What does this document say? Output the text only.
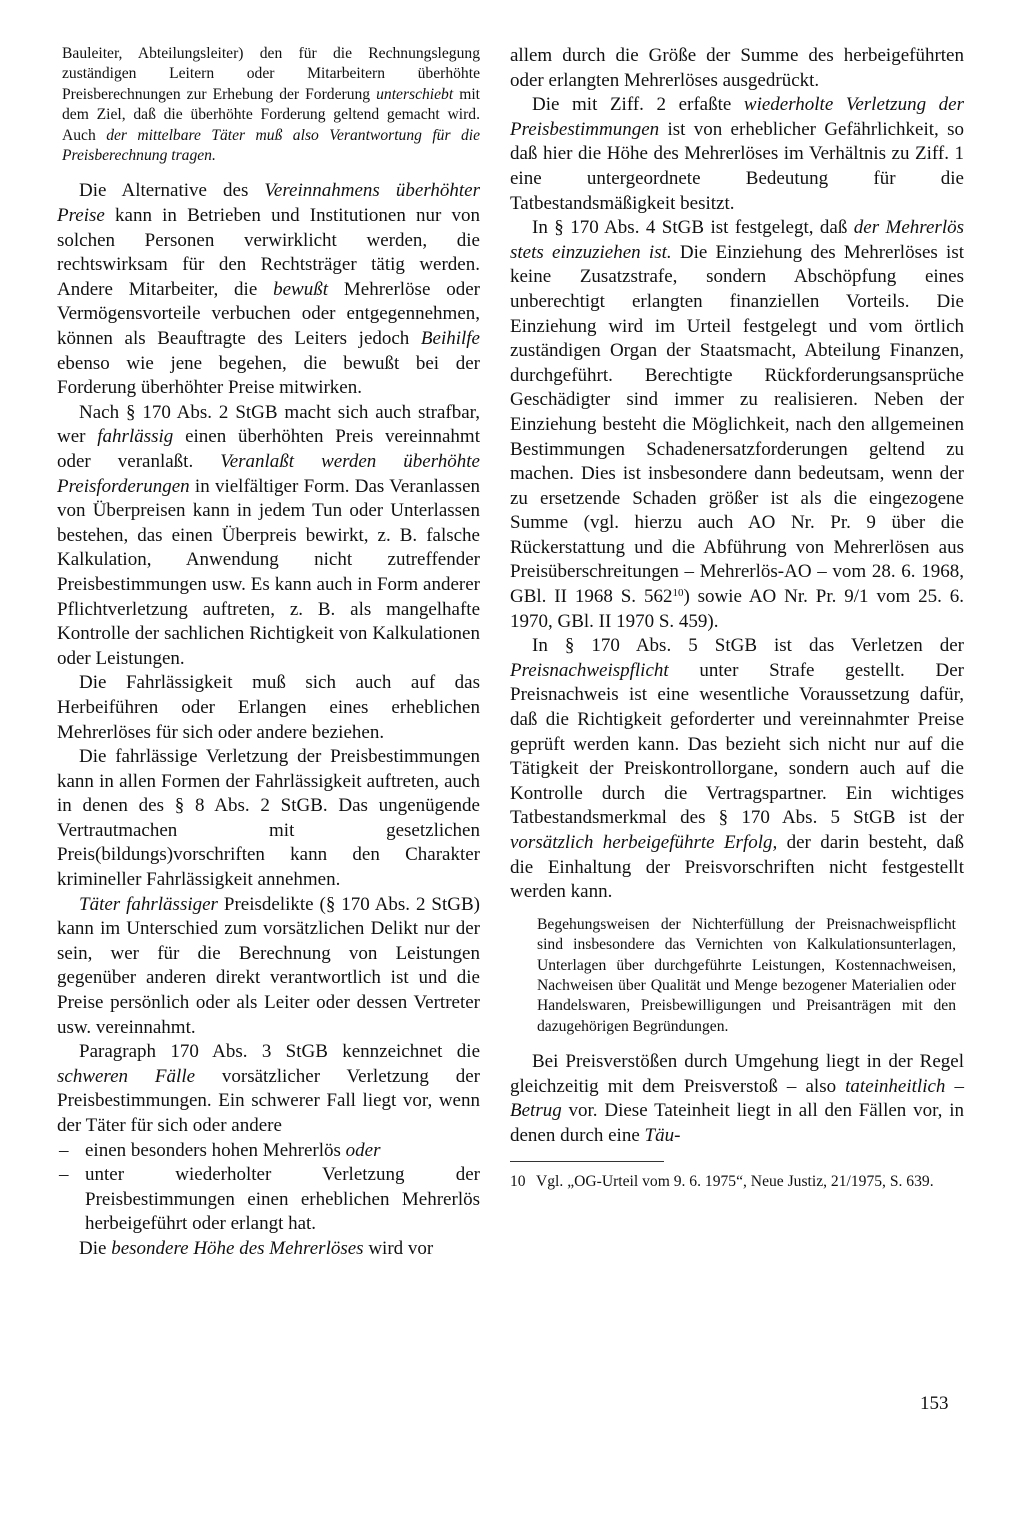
Bauleiter, Abteilungsleiter) den für die Rechnungslegung zuständigen Leitern oder Mitarbeitern überhöhte Preisberechnungen zur Erhebung der Forderung unterschiebt mit dem Ziel, daß die überhöhte Forderung geltend gemacht wird. Auch der mittelbare Täter muß also Verantwortung für die Preisberechnung tragen.

Die Alternative des Vereinnahmens überhöhter Preise kann in Betrieben und Institutionen nur von solchen Personen verwirklicht werden, die rechtswirksam für den Rechtsträger tätig werden. Andere Mitarbeiter, die bewußt Mehrerlöse oder Vermögensvorteile verbuchen oder entgegennehmen, können als Beauftragte des Leiters jedoch Beihilfe ebenso wie jene begehen, die bewußt bei der Forderung überhöhter Preise mitwirken.

Nach § 170 Abs. 2 StGB macht sich auch strafbar, wer fahrlässig einen überhöhten Preis vereinnahmt oder veranlaßt. Veranlaßt werden überhöhte Preisforderungen in vielfältiger Form. Das Veranlassen von Überpreisen kann in jedem Tun oder Unterlassen bestehen, das einen Überpreis bewirkt, z. B. falsche Kalkulation, Anwendung nicht zutreffender Preisbestimmungen usw. Es kann auch in Form anderer Pflichtverletzung auftreten, z. B. als mangelhafte Kontrolle der sachlichen Richtigkeit von Kalkulationen oder Leistungen.

Die Fahrlässigkeit muß sich auch auf das Herbeiführen oder Erlangen eines erheblichen Mehrerlöses für sich oder andere beziehen.

Die fahrlässige Verletzung der Preisbestimmungen kann in allen Formen der Fahrlässigkeit auftreten, auch in denen des § 8 Abs. 2 StGB. Das ungenügende Vertrautmachen mit gesetzlichen Preis(bildungs)vorschriften kann den Charakter krimineller Fahrlässigkeit annehmen.

Täter fahrlässiger Preisdelikte (§ 170 Abs. 2 StGB) kann im Unterschied zum vorsätzlichen Delikt nur der sein, wer für die Berechnung von Leistungen gegenüber anderen direkt verantwortlich ist und die Preise persönlich oder als Leiter oder dessen Vertreter usw. vereinnahmt.

Paragraph 170 Abs. 3 StGB kennzeichnet die schweren Fälle vorsätzlicher Verletzung der Preisbestimmungen. Ein schwerer Fall liegt vor, wenn der Täter für sich oder andere

– einen besonders hohen Mehrerlös oder
– unter wiederholter Verletzung der Preisbestimmungen einen erheblichen Mehrerlös herbeigeführt oder erlangt hat.

Die besondere Höhe des Mehrerlöses wird vor

allem durch die Größe der Summe des herbeigeführten oder erlangten Mehrerlöses ausgedrückt.

Die mit Ziff. 2 erfaßte wiederholte Verletzung der Preisbestimmungen ist von erheblicher Gefährlichkeit, so daß hier die Höhe des Mehrerlöses im Verhältnis zu Ziff. 1 eine untergeordnete Bedeutung für die Tatbestandsmäßigkeit besitzt.

In § 170 Abs. 4 StGB ist festgelegt, daß der Mehrerlös stets einzuziehen ist. Die Einziehung des Mehrerlöses ist keine Zusatzstrafe, sondern Abschöpfung eines unberechtigt erlangten finanziellen Vorteils. Die Einziehung wird im Urteil festgelegt und vom örtlich zuständigen Organ der Staatsmacht, Abteilung Finanzen, durchgeführt. Berechtigte Rückforderungsansprüche Geschädigter sind immer zu realisieren. Neben der Einziehung besteht die Möglichkeit, nach den allgemeinen Bestimmungen Schadenersatzforderungen geltend zu machen. Dies ist insbesondere dann bedeutsam, wenn der zu ersetzende Schaden größer ist als die eingezogene Summe (vgl. hierzu auch AO Nr. Pr. 9 über die Rückerstattung und die Abführung von Mehrerlösen aus Preisüberschreitungen – Mehrerlös-AO – vom 28. 6. 1968, GBl. II 1968 S. $562^{10}$) sowie AO Nr. Pr. 9/1 vom 25. 6. 1970, GBl. II 1970 S. 459).

In § 170 Abs. 5 StGB ist das Verletzen der Preisnachweispflicht unter Strafe gestellt. Der Preisnachweis ist eine wesentliche Voraussetzung dafür, daß die Richtigkeit geforderter und vereinnahmter Preise geprüft werden kann. Das bezieht sich nicht nur auf die Tätigkeit der Preiskontrollorgane, sondern auch auf die Kontrolle durch die Vertragspartner. Ein wichtiges Tatbestandsmerkmal des § 170 Abs. 5 StGB ist der vorsätzlich herbeigeführte Erfolg, der darin besteht, daß die Einhaltung der Preisvorschriften nicht festgestellt werden kann.

Begehungsweisen der Nichterfüllung der Preisnachweispflicht sind insbesondere das Vernichten von Kalkulationsunterlagen, Unterlagen über durchgeführte Leistungen, Kostennachweisen, Nachweisen über Qualität und Menge bezogener Materialien oder Handelswaren, Preisbewilligungen und Preisanträgen mit den dazugehörigen Begründungen.

Bei Preisverstößen durch Umgehung liegt in der Regel gleichzeitig mit dem Preisverstoß – also tateinheitlich – Betrug vor. Diese Tateinheit liegt in all den Fällen vor, in denen durch eine Täu-

10 Vgl. „OG-Urteil vom 9. 6. 1975“, Neue Justiz, 21/1975, S. 639.
153
